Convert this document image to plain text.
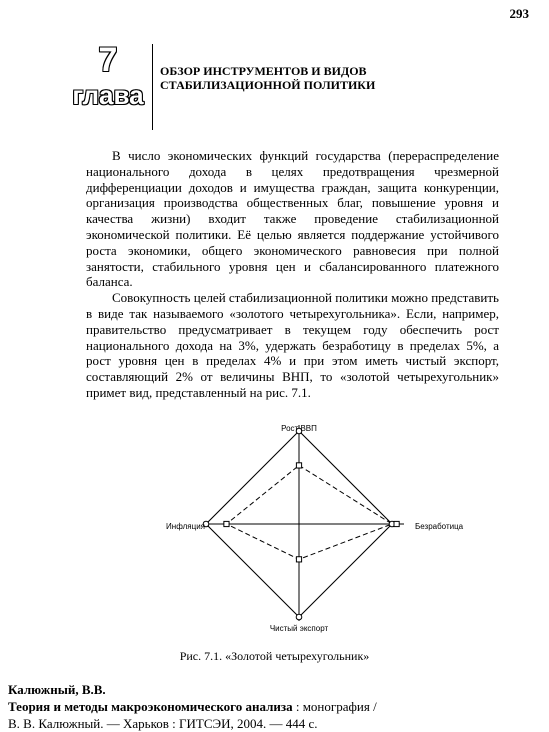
293
7
глава
ОБЗОР ИНСТРУМЕНТОВ И ВИДОВ
СТАБИЛИЗАЦИОННОЙ ПОЛИТИКИ

В число экономических функций государства (перераспределение национального дохода в целях предотвращения чрезмерной дифференциации доходов и имущества граждан, защита конкуренции, организация производства общественных благ, повышение уровня и качества жизни) входит также проведение стабилизационной экономической политики. Её целью является поддержание устойчивого роста экономики, общего экономического равновесия при полной занятости, стабильного уровня цен и сбалансированного платежного баланса.

Совокупность целей стабилизационной политики можно представить в виде так называемого «золотого четырехугольника». Если, например, правительство предусматривает в текущем году обеспечить рост национального дохода на 3%, удержать безработицу в пределах 5%, а рост уровня цен в пределах 4% и при этом иметь чистый экспорт, составляющий 2% от величины ВНП, то «золотой четырехугольник» примет вид, представленный на рис. 7.1.

Рост ВВП
Инфляция	Безработица
Чистый экспорт
Рис. 7.1. «Золотой четырехугольник»
Калюжный, В.В.
Теория и методы макроэкономического анализа : монография /
В. В. Калюжный. — Харьков : ГИТСЭИ, 2004. — 444 с.
